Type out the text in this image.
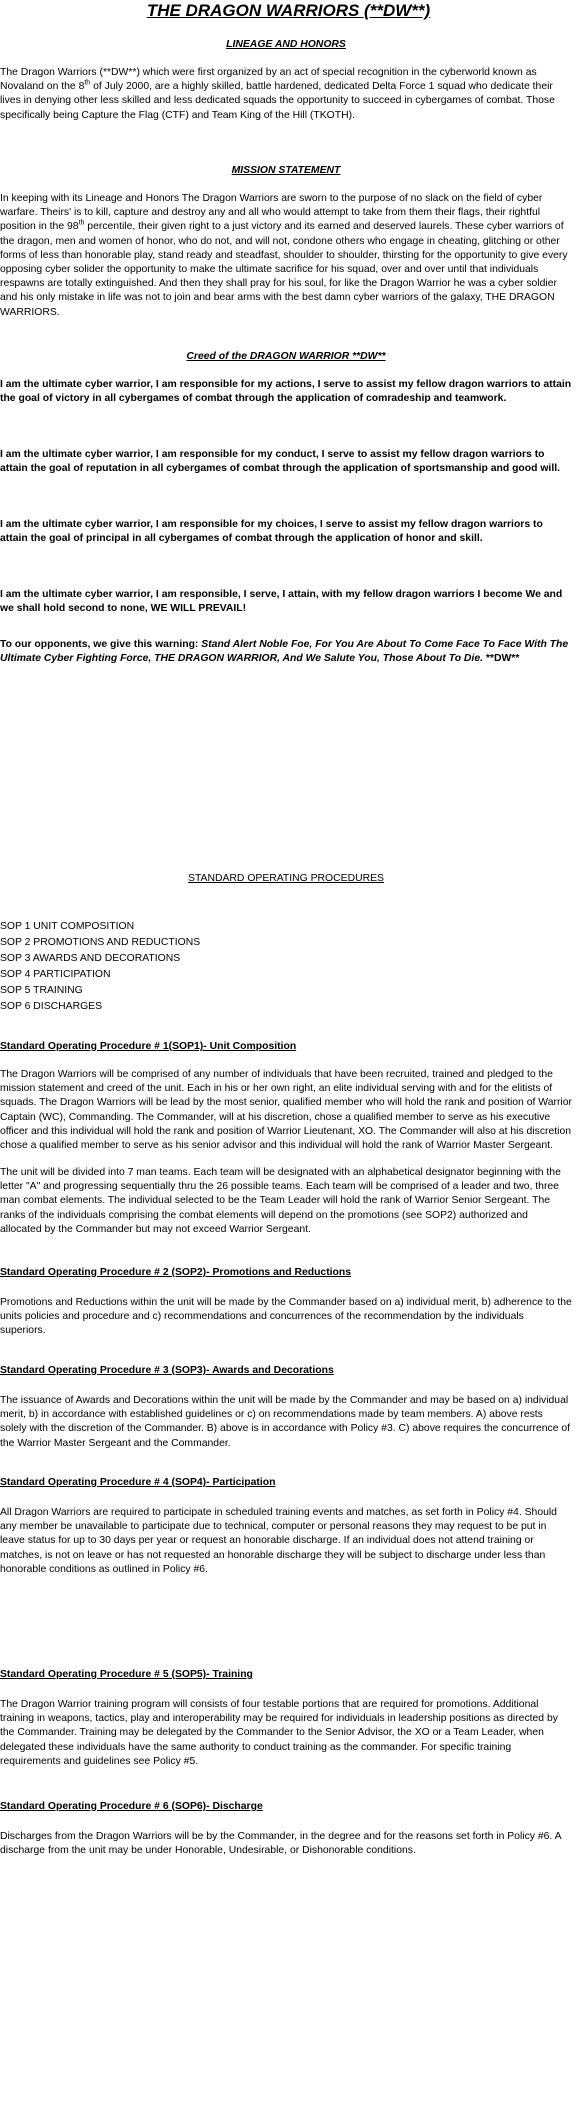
THE DRAGON WARRIORS (**DW**)
LINEAGE AND HONORS

The Dragon Warriors (**DW**) which were first organized by an act of special recognition in the cyberworld known as Novaland on the 8th of July 2000, are a highly skilled, battle hardened, dedicated Delta Force 1 squad who dedicate their lives in denying other less skilled and less dedicated squads the opportunity to succeed in cybergames of combat. Those specifically being Capture the Flag (CTF) and Team King of the Hill (TKOTH).

MISSION STATEMENT

In keeping with its Lineage and Honors The Dragon Warriors are sworn to the purpose of no slack on the field of cyber warfare. Theirs' is to kill, capture and destroy any and all who would attempt to take from them their flags, their rightful position in the 98th percentile, their given right to a just victory and its earned and deserved laurels. These cyber warriors of the dragon, men and women of honor, who do not, and will not, condone others who engage in cheating, glitching or other forms of less than honorable play, stand ready and steadfast, shoulder to shoulder, thirsting for the opportunity to give every opposing cyber solider the opportunity to make the ultimate sacrifice for his squad, over and over until that individuals respawns are totally extinguished. And then they shall pray for his soul, for like the Dragon Warrior he was a cyber soldier and his only mistake in life was not to join and bear arms with the best damn cyber warriors of the galaxy, THE DRAGON WARRIORS.

Creed of the DRAGON WARRIOR **DW**

I am the ultimate cyber warrior, I am responsible for my actions, I serve to assist my fellow dragon warriors to attain the goal of victory in all cybergames of combat through the application of comradeship and teamwork.

I am the ultimate cyber warrior, I am responsible for my conduct, I serve to assist my fellow dragon warriors to attain the goal of reputation in all cybergames of combat through the application of sportsmanship and good will.

I am the ultimate cyber warrior, I am responsible for my choices, I serve to assist my fellow dragon warriors to attain the goal of principal in all cybergames of combat through the application of honor and skill.

I am the ultimate cyber warrior, I am responsible, I serve, I attain, with my fellow dragon warriors I become We and we shall hold second to none, WE WILL PREVAIL!

To our opponents, we give this warning: Stand Alert Noble Foe, For You Are About To Come Face To Face With The Ultimate Cyber Fighting Force, THE DRAGON WARRIOR, And We Salute You, Those About To Die. **DW**

STANDARD OPERATING PROCEDURES
SOP 1 UNIT COMPOSITION
SOP 2 PROMOTIONS AND REDUCTIONS
SOP 3 AWARDS AND DECORATIONS
SOP 4 PARTICIPATION
SOP 5 TRAINING
SOP 6 DISCHARGES
Standard Operating Procedure # 1(SOP1)- Unit Composition

The Dragon Warriors will be comprised of any number of individuals that have been recruited, trained and pledged to the mission statement and creed of the unit. Each in his or her own right, an elite individual serving with and for the elitists of squads. The Dragon Warriors will be lead by the most senior, qualified member who will hold the rank and position of Warrior Captain (WC), Commanding. The Commander, will at his discretion, chose a qualified member to serve as his executive officer and this individual will hold the rank and position of Warrior Lieutenant, XO. The Commander will also at his discretion chose a qualified member to serve as his senior advisor and this individual will hold the rank of Warrior Master Sergeant.

The unit will be divided into 7 man teams. Each team will be designated with an alphabetical designator beginning with the letter "A" and progressing sequentially thru the 26 possible teams. Each team will be comprised of a leader and two, three man combat elements. The individual selected to be the Team Leader will hold the rank of Warrior Senior Sergeant. The ranks of the individuals comprising the combat elements will depend on the promotions (see SOP2) authorized and allocated by the Commander but may not exceed Warrior Sergeant.

Standard Operating Procedure # 2 (SOP2)- Promotions and Reductions

Promotions and Reductions within the unit will be made by the Commander based on a) individual merit, b) adherence to the units policies and procedure and c) recommendations and concurrences of the recommendation by the individuals superiors.

Standard Operating Procedure # 3 (SOP3)- Awards and Decorations

The issuance of Awards and Decorations within the unit will be made by the Commander and may be based on a) individual merit, b) in accordance with established guidelines or c) on recommendations made by team members. A) above rests solely with the discretion of the Commander. B) above is in accordance with Policy #3. C) above requires the concurrence of the Warrior Master Sergeant and the Commander.

Standard Operating Procedure # 4 (SOP4)- Participation

All Dragon Warriors are required to participate in scheduled training events and matches, as set forth in Policy #4. Should any member be unavailable to participate due to technical, computer or personal reasons they may request to be put in leave status for up to 30 days per year or request an honorable discharge. If an individual does not attend training or matches, is not on leave or has not requested an honorable discharge they will be subject to discharge under less than honorable conditions as outlined in Policy #6.

Standard Operating Procedure # 5 (SOP5)- Training

The Dragon Warrior training program will consists of four testable portions that are required for promotions. Additional training in weapons, tactics, play and interoperability may be required for individuals in leadership positions as directed by the Commander. Training may be delegated by the Commander to the Senior Advisor, the XO or a Team Leader, when delegated these individuals have the same authority to conduct training as the commander. For specific training requirements and guidelines see Policy #5.

Standard Operating Procedure # 6 (SOP6)- Discharge

Discharges from the Dragon Warriors will be by the Commander, in the degree and for the reasons set forth in Policy #6. A discharge from the unit may be under Honorable, Undesirable, or Dishonorable conditions.
